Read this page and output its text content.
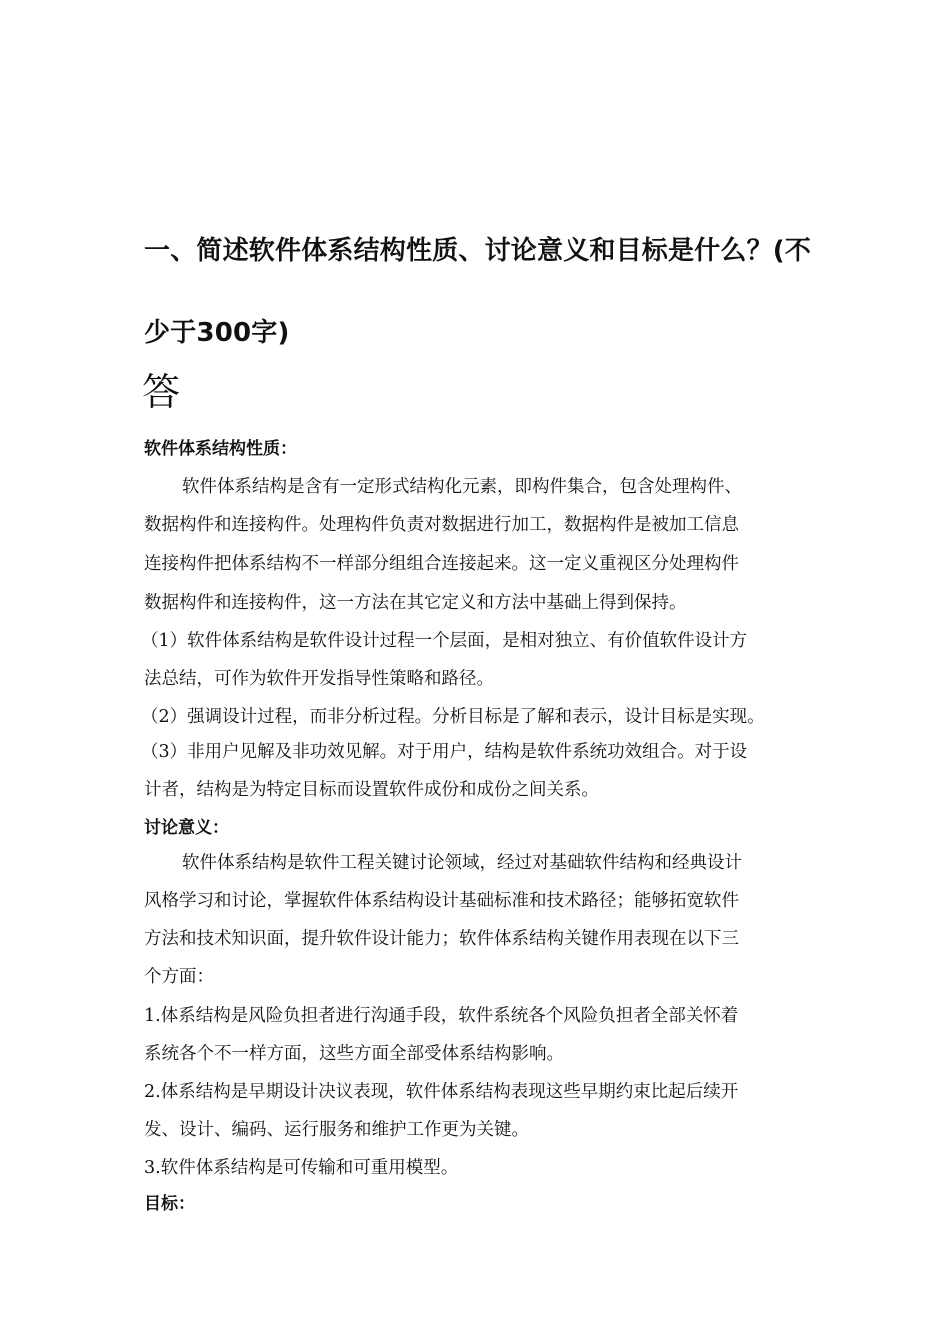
一、简述软件体系结构性质、讨论意义和目标是什么？(不
少于300字)
答
软件体系结构性质：
软件体系结构是含有一定形式结构化元素，即构件集合，包含处理构件、
数据构件和连接构件。处理构件负责对数据进行加工，数据构件是被加工信息
连接构件把体系结构不一样部分组组合连接起来。这一定义重视区分处理构件
数据构件和连接构件，这一方法在其它定义和方法中基础上得到保持。
（1）软件体系结构是软件设计过程一个层面，是相对独立、有价值软件设计方
法总结，可作为软件开发指导性策略和路径。
（2）强调设计过程，而非分析过程。分析目标是了解和表示，设计目标是实现。
（3）非用户见解及非功效见解。对于用户，结构是软件系统功效组合。对于设
计者，结构是为特定目标而设置软件成份和成份之间关系。
讨论意义：
软件体系结构是软件工程关键讨论领域，经过对基础软件结构和经典设计
风格学习和讨论，掌握软件体系结构设计基础标准和技术路径；能够拓宽软件
方法和技术知识面，提升软件设计能力；软件体系结构关键作用表现在以下三
个方面：
1.体系结构是风险负担者进行沟通手段，软件系统各个风险负担者全部关怀着
系统各个不一样方面，这些方面全部受体系结构影响。
2.体系结构是早期设计决议表现，软件体系结构表现这些早期约束比起后续开
发、设计、编码、运行服务和维护工作更为关键。
3.软件体系结构是可传输和可重用模型。
目标：
